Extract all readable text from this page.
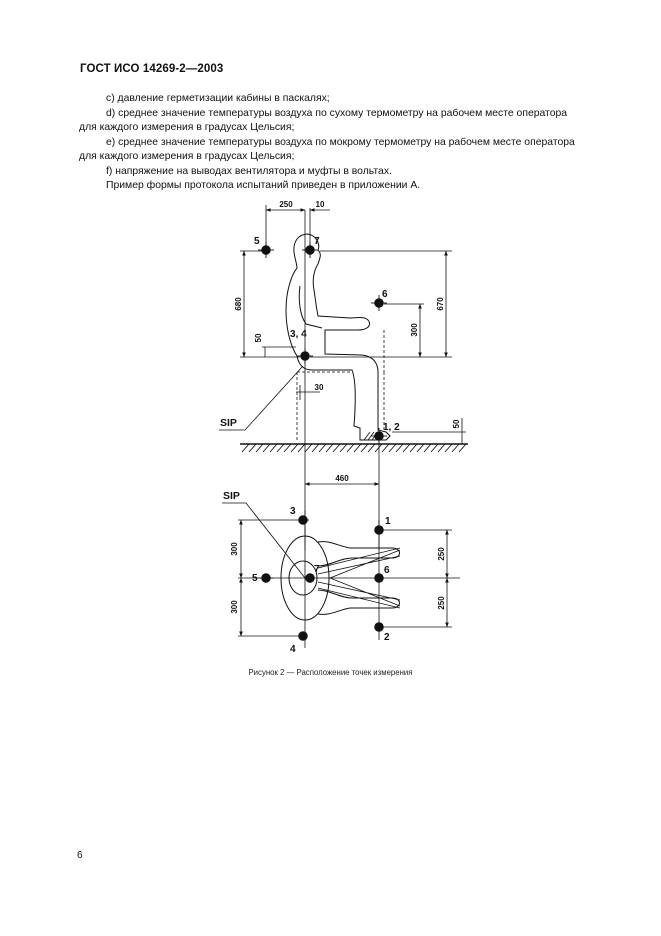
ГОСТ ИСО 14269-2—2003
c) давление герметизации кабины в паскалях;
d) среднее значение температуры воздуха по сухому термометру на рабочем месте оператора
для каждого измерения в градусах Цельсия;
e) среднее значение температуры воздуха по мокрому термометру на рабочем месте оператора
для каждого измерения в градусах Цельсия;
f) напряжение на выводах вентилятора и муфты в вольтах.
Пример формы протокола испытаний приведен в приложении А.
250	10
680
50
670
300
30
50
460
5	7
6
3, 4
1, 2
SIP
SIP
3
1
5
7	6
2
4
300
300
250
250
Рисунок 2 — Расположение точек измерения
6
